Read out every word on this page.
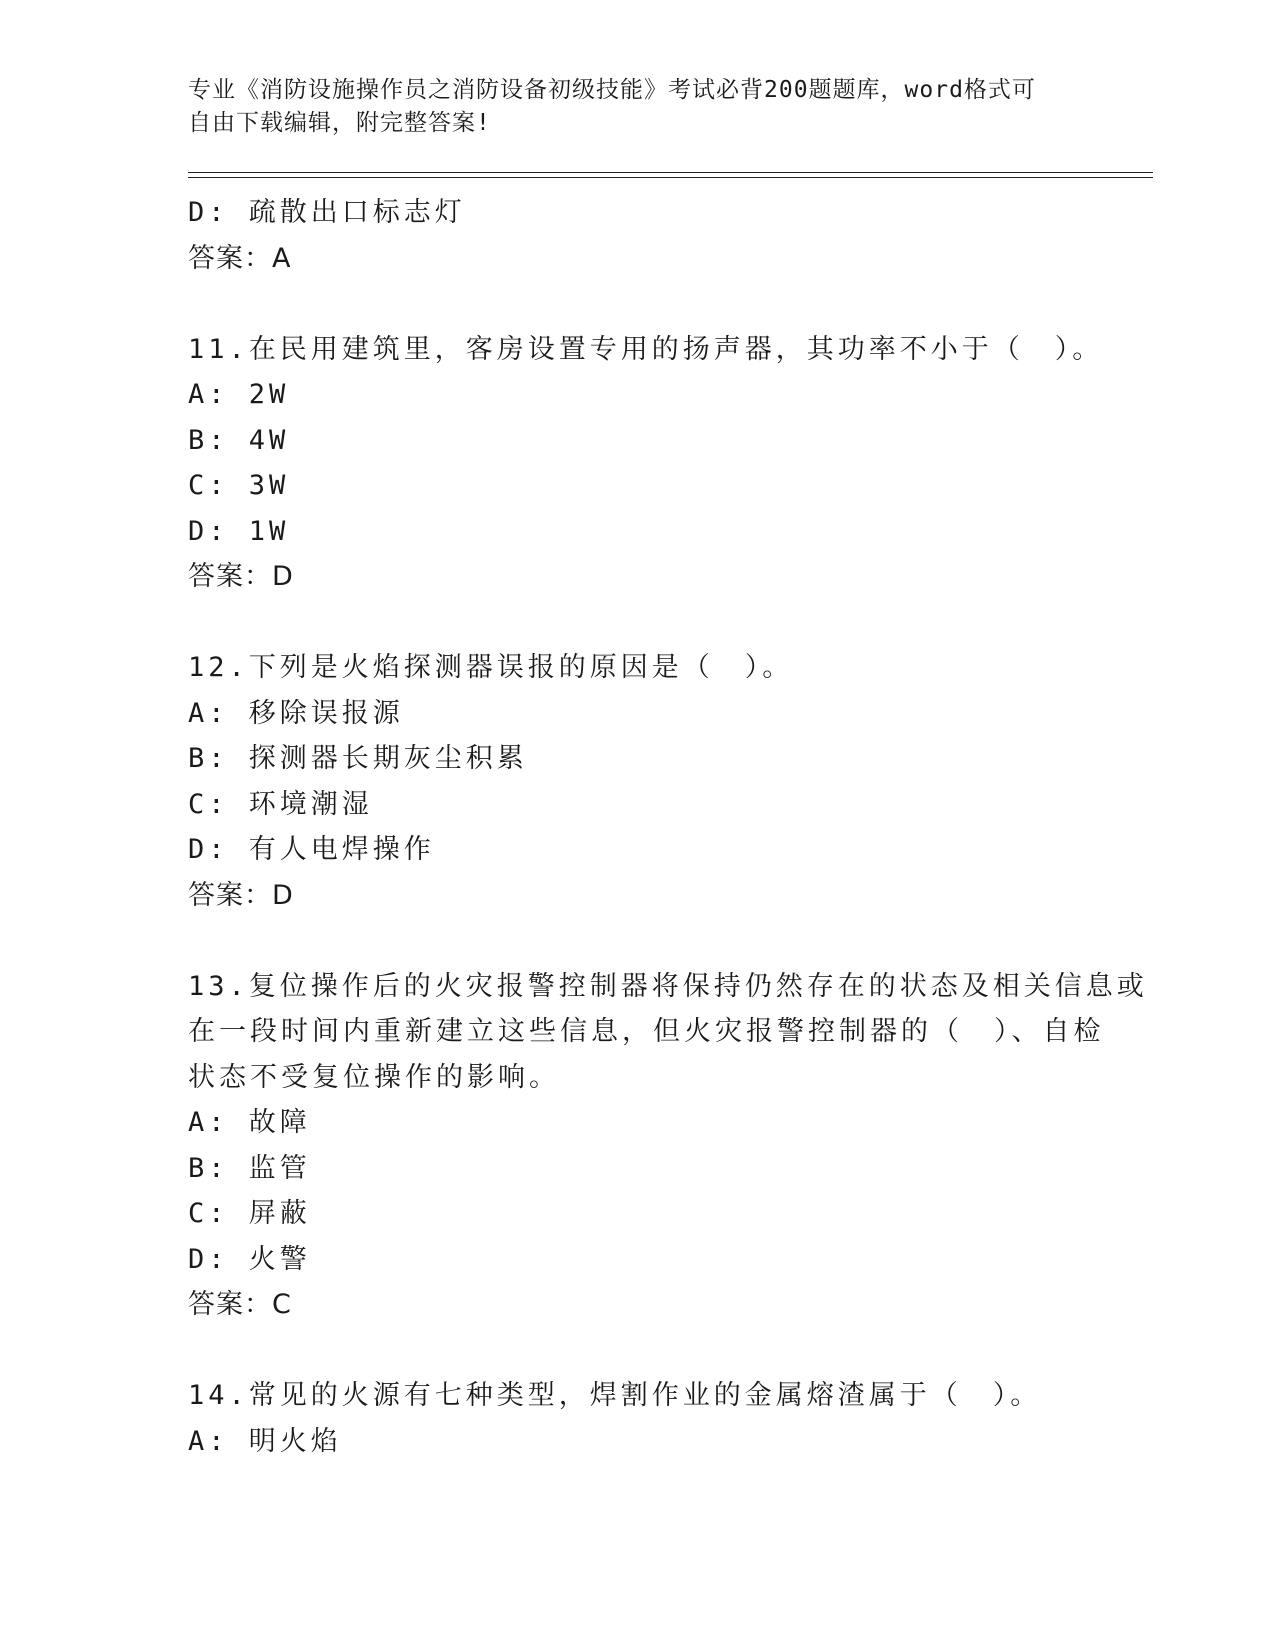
专业《消防设施操作员之消防设备初级技能》考试必背200题题库，word格式可
自由下载编辑，附完整答案!
D: 疏散出口标志灯
答案：A
11.在民用建筑里，客房设置专用的扬声器，其功率不小于（　）。
A: 2W
B: 4W
C: 3W
D: 1W
答案：D
12.下列是火焰探测器误报的原因是（　）。
A: 移除误报源
B: 探测器长期灰尘积累
C: 环境潮湿
D: 有人电焊操作
答案：D
13.复位操作后的火灾报警控制器将保持仍然存在的状态及相关信息或
在一段时间内重新建立这些信息，但火灾报警控制器的（　）、自检
状态不受复位操作的影响。
A: 故障
B: 监管
C: 屏蔽
D: 火警
答案：C
14.常见的火源有七种类型，焊割作业的金属熔渣属于（　）。
A: 明火焰
